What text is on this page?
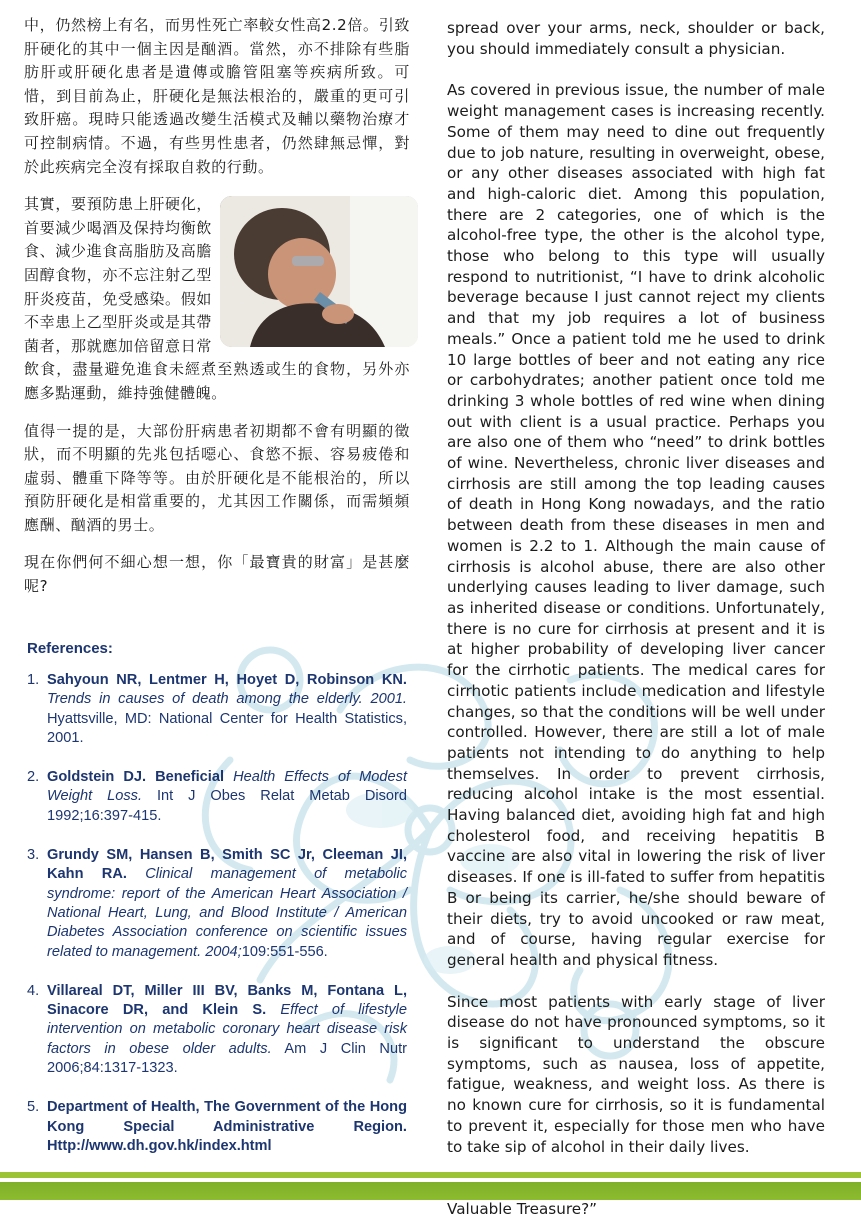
中，仍然榜上有名，而男性死亡率較女性高2.2倍。引致肝硬化的其中一個主因是酗酒。當然，亦不排除有些脂肪肝或肝硬化患者是遺傳或膽管阻塞等疾病所致。可惜，到目前為止，肝硬化是無法根治的，嚴重的更可引致肝癌。現時只能透過改變生活模式及輔以藥物治療才可控制病情。不過，有些男性患者，仍然肆無忌憚，對於此疾病完全沒有採取自救的行動。

其實，要預防患上肝硬化，首要減少喝酒及保持均衡飲食、減少進食高脂肪及高膽固醇食物，亦不忘注射乙型肝炎疫苗，免受感染。假如不幸患上乙型肝炎或是其帶菌者，那就應加倍留意日常飲食，盡量避免進食未經煮至熟透或生的食物，另外亦應多點運動，維持強健體魄。

值得一提的是，大部份肝病患者初期都不會有明顯的徵狀，而不明顯的先兆包括噁心、食慾不振、容易疲倦和虛弱、體重下降等等。由於肝硬化是不能根治的，所以預防肝硬化是相當重要的，尤其因工作關係，而需頻頻應酬、酗酒的男士。

現在你們何不細心想一想，你「最寶貴的財富」是甚麼呢?

References:
1. Sahyoun NR, Lentmer H, Hoyet D, Robinson KN. Trends in causes of death among the elderly. 2001. Hyattsville, MD: National Center for Health Statistics, 2001.
2. Goldstein DJ. Beneficial Health Effects of Modest Weight Loss. Int J Obes Relat Metab Disord 1992;16:397-415.
3. Grundy SM, Hansen B, Smith SC Jr, Cleeman JI, Kahn RA. Clinical management of metabolic syndrome: report of the American Heart Association / National Heart, Lung, and Blood Institute / American Diabetes Association conference on scientific issues related to management. 2004;109:551-556.
4. Villareal DT, Miller III BV, Banks M, Fontana L, Sinacore DR, and Klein S. Effect of lifestyle intervention on metabolic coronary heart disease risk factors in obese older adults. Am J Clin Nutr 2006;84:1317-1323.
5. Department of Health, The Government of the Hong Kong Special Administrative Region. Http://www.dh.gov.hk/index.html

spread over your arms, neck, shoulder or back, you should immediately consult a physician.

As covered in previous issue, the number of male weight management cases is increasing recently. Some of them may need to dine out frequently due to job nature, resulting in overweight, obese, or any other diseases associated with high fat and high-caloric diet. Among this population, there are 2 categories, one of which is the alcohol-free type, the other is the alcohol type, those who belong to this type will usually respond to nutritionist, “I have to drink alcoholic beverage because I just cannot reject my clients and that my job requires a lot of business meals.” Once a patient told me he used to drink 10 large bottles of beer and not eating any rice or carbohydrates; another patient once told me drinking 3 whole bottles of red wine when dining out with client is a usual practice. Perhaps you are also one of them who “need” to drink bottles of wine. Nevertheless, chronic liver diseases and cirrhosis are still among the top leading causes of death in Hong Kong nowadays, and the ratio between death from these diseases in men and women is 2.2 to 1. Although the main cause of cirrhosis is alcohol abuse, there are also other underlying causes leading to liver damage, such as inherited disease or conditions. Unfortunately, there is no cure for cirrhosis at present and it is at higher probability of developing liver cancer for the cirrhotic patients. The medical cares for cirrhotic patients include medication and lifestyle changes, so that the conditions will be well under controlled. However, there are still a lot of male patients not intending to do anything to help themselves. In order to prevent cirrhosis, reducing alcohol intake is the most essential. Having balanced diet, avoiding high fat and high cholesterol food, and receiving hepatitis B vaccine are also vital in lowering the risk of liver diseases. If one is ill-fated to suffer from hepatitis B or being its carrier, he/she should beware of their diets, try to avoid uncooked or raw meat, and of course, having regular exercise for general health and physical fitness.

Since most patients with early stage of liver disease do not have pronounced symptoms, so it is significant to understand the obscure symptoms, such as nausea, loss of appetite, fatigue, weakness, and weight loss. As there is no known cure for cirrhosis, so it is fundamental to prevent it, especially for those men who have to take sip of alcohol in their daily lives.

Valuable Treasure?”
